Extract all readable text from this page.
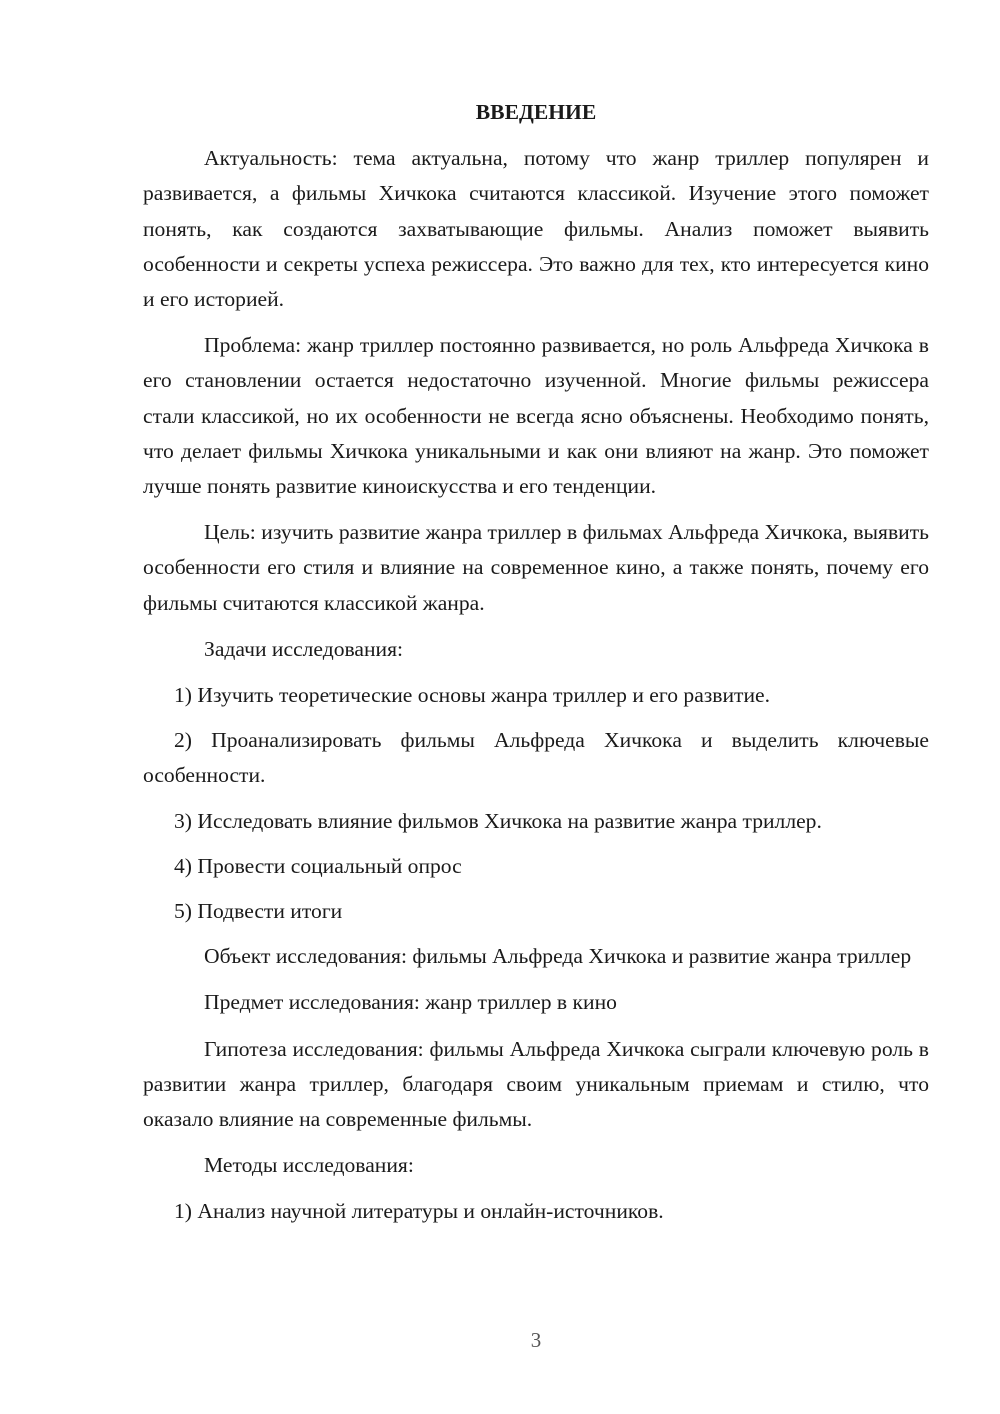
ВВЕДЕНИЕ

Актуальность: тема актуальна, потому что жанр триллер популярен и развивается, а фильмы Хичкока считаются классикой. Изучение этого поможет понять, как создаются захватывающие фильмы. Анализ поможет выявить особенности и секреты успеха режиссера. Это важно для тех, кто интересуется кино и его историей.

Проблема: жанр триллер постоянно развивается, но роль Альфреда Хичкока в его становлении остается недостаточно изученной. Многие фильмы режиссера стали классикой, но их особенности не всегда ясно объяснены. Необходимо понять, что делает фильмы Хичкока уникальными и как они влияют на жанр. Это поможет лучше понять развитие киноискусства и его тенденции.

Цель: изучить развитие жанра триллер в фильмах Альфреда Хичкока, выявить особенности его стиля и влияние на современное кино, а также понять, почему его фильмы считаются классикой жанра.

Задачи исследования:

1) Изучить теоретические основы жанра триллер и его развитие.

2) Проанализировать фильмы Альфреда Хичкока и выделить ключевые особенности.

3) Исследовать влияние фильмов Хичкока на развитие жанра триллер.

4) Провести социальный опрос

5) Подвести итоги

Объект исследования: фильмы Альфреда Хичкока и развитие жанра триллер

Предмет исследования: жанр триллер в кино

Гипотеза исследования: фильмы Альфреда Хичкока сыграли ключевую роль в развитии жанра триллер, благодаря своим уникальным приемам и стилю, что оказало влияние на современные фильмы.

Методы исследования:

1) Анализ научной литературы и онлайн-источников.

3
